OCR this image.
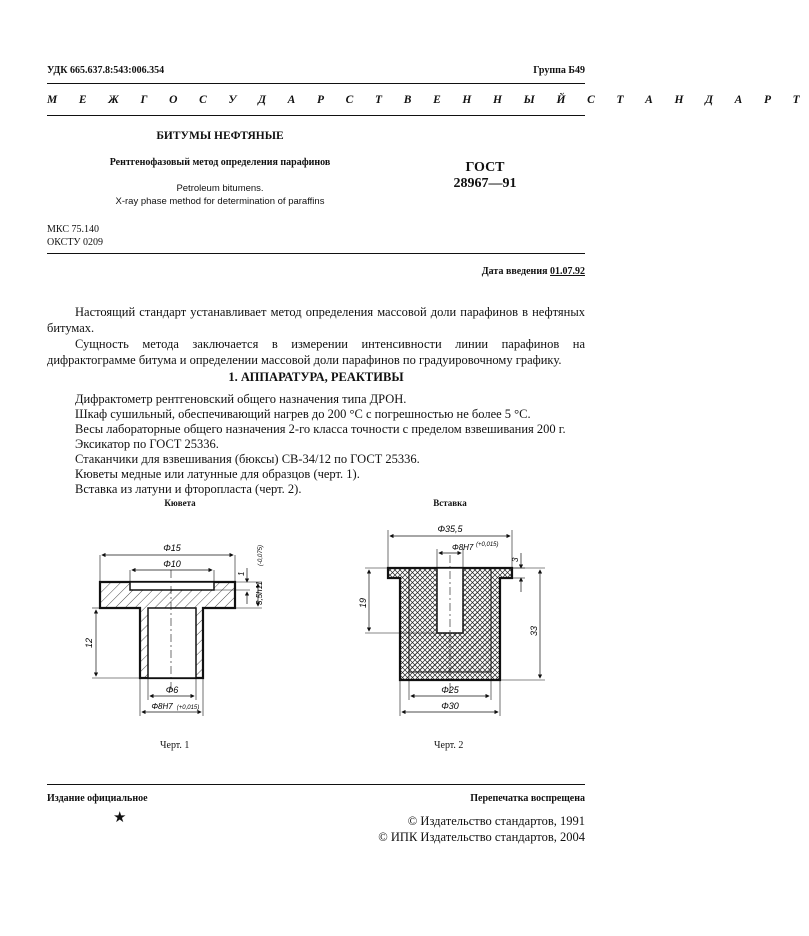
УДК 665.637.8:543:006.354	Группа Б49
М Е Ж Г О С У Д А Р С Т В Е Н Н Ы Й С Т А Н Д А Р Т
БИТУМЫ НЕФТЯНЫЕ
Рентгенофазовый метод определения парафинов
Petroleum bitumens.
X-ray phase method for determination of paraffins
ГОСТ
28967—91
МКС 75.140
ОКСТУ 0209
Дата введения 01.07.92

Настоящий стандарт устанавливает метод определения массовой доли парафинов в нефтяных битумах.

Сущность метода заключается в измерении интенсивности линии парафинов на дифрактограмме битума и определении массовой доли парафинов по градуировочному графику.

1. АППАРАТУРА, РЕАКТИВЫ
Дифрактометр рентгеновский общего назначения типа ДРОН.
Шкаф сушильный, обеспечивающий нагрев до 200 °С с погрешностью не более 5 °С.
Весы лабораторные общего назначения 2-го класса точности с пределом взвешивания 200 г.
Эксикатор по ГОСТ 25336.
Стаканчики для взвешивания (бюксы) СВ-34/12 по ГОСТ 25336.
Кюветы медные или латунные для образцов (черт. 1).
Вставка из латуни и фторопласта (черт. 2).
Кювета	Вставка
Φ15
Φ10
Φ6
Φ8Н7 (+0,015)
1
3,5h11
(-0,075)
12
Φ35,5
Φ8Н7 (+0,015)
3
19
33
Φ25
Φ30
Черт. 1	Черт. 2
Издание официальное	Перепечатка воспрещена
★	© Издательство стандартов, 1991
© ИПК Издательство стандартов, 2004
